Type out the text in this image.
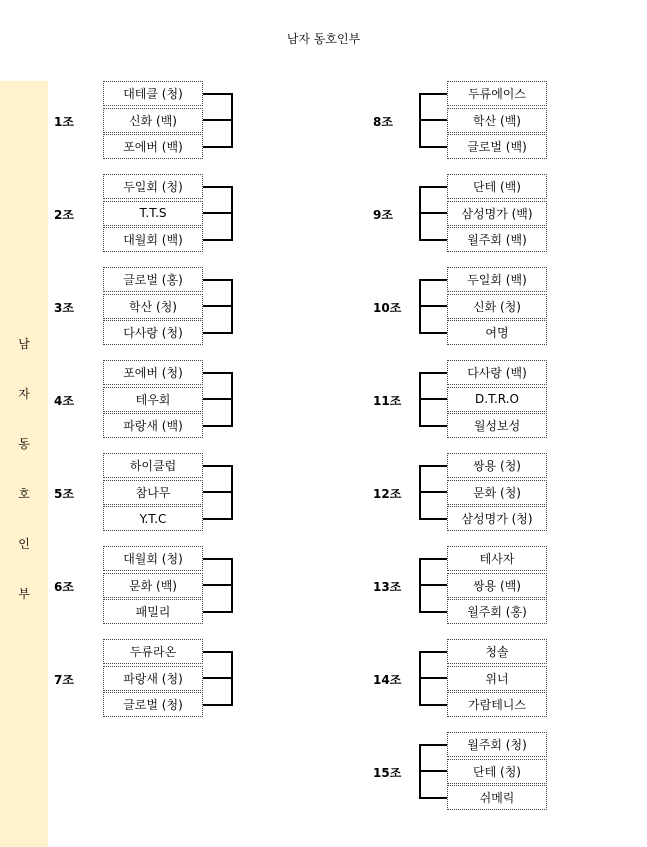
남자 동호인부
남
자
동
호
인
부
1조
대테클 (청)
신화 (백)
포에버 (백)
2조
두일회 (청)
T.T.S
대월회 (백)
3조
글로벌 (홍)
학산 (청)
다사랑 (청)
4조
포에버 (청)
테우회
파랑새 (백)
5조
하이클럽
참나무
Y.T.C
6조
대월회 (청)
문화 (백)
패밀리
7조
두류라온
파랑새 (청)
글로벌 (청)
8조
두류에이스
학산 (백)
글로벌 (백)
9조
단테 (백)
삼성명가 (백)
월주회 (백)
10조
두일회 (백)
신화 (청)
여명
11조
다사랑 (백)
D.T.R.O
월성보성
12조
쌍용 (청)
문화 (청)
삼성명가 (청)
13조
테사자
쌍용 (백)
월주회 (홍)
14조
청솔
위너
가람테니스
15조
월주회 (청)
단테 (청)
쉬메릭
